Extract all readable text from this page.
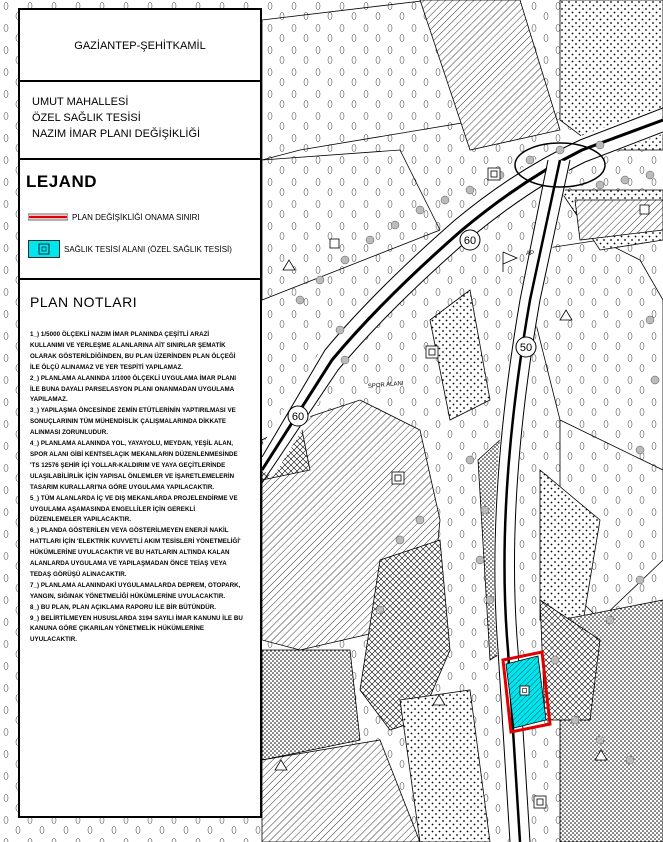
60
60
50
SPOR ALANI
AP
GAZİANTEP-ŞEHİTKAMİL
UMUT MAHALLESİ
ÖZEL SAĞLIK TESİSİ
NAZIM İMAR PLANI DEĞİŞİKLİĞİ
LEJAND
PLAN DEĞİŞİKLİĞİ ONAMA SINIRI
SAĞLIK TESİSİ ALANI (ÖZEL SAĞLIK TESİSİ)
PLAN NOTLARI

1_) 1/5000 ÖLÇEKLİ NAZIM İMAR PLANINDA ÇEŞİTLİ ARAZİ KULLANIMI VE YERLEŞME ALANLARINA AİT SINIRLAR ŞEMATİK OLARAK GÖSTERİLDİĞİNDEN, BU PLAN ÜZERİNDEN PLAN ÖLÇEĞİ İLE ÖLÇÜ ALINAMAZ VE YER TESPİTİ YAPILAMAZ.

2_) PLANLAMA ALANINDA 1/1000 ÖLÇEKLİ UYGULAMA İMAR PLANI İLE BUNA DAYALI PARSELASYON PLANI ONANMADAN UYGULAMA YAPILAMAZ.

3_) YAPILAŞMA ÖNCESİNDE ZEMİN ETÜTLERİNİN YAPTIRILMASI VE SONUÇLARININ TÜM MÜHENDİSLİK ÇALIŞMALARINDA DİKKATE ALINMASI ZORUNLUDUR.

4_) PLANLAMA ALANINDA YOL, YAYAYOLU, MEYDAN, YEŞİL ALAN, SPOR ALANI GİBİ KENTSELAÇIK MEKANLARIN DÜZENLENMESİNDE 'TS 12576 ŞEHİR İÇİ YOLLAR-KALDIRIM VE YAYA GEÇİTLERİNDE ULAŞILABİLİRLİK İÇİN YAPISAL ÖNLEMLER VE İŞARETLEMELERİN TASARIM KURALLARI'NA GÖRE UYGULAMA YAPILACAKTIR.

5_) TÜM ALANLARDA İÇ VE DIŞ MEKANLARDA PROJELENDİRME VE UYGULAMA AŞAMASINDA ENGELLİLER İÇİN GEREKLİ DÜZENLEMELER YAPILACAKTIR.

6_) PLANDA GÖSTERİLEN VEYA GÖSTERİLMEYEN ENERJİ NAKİL HATTLARI İÇİN 'ELEKTRİK KUVVETLİ AKIM TESİSLERİ YÖNETMELİĞİ' HÜKÜMLERİNE UYULACAKTIR VE BU HATLARIN ALTINDA KALAN ALANLARDA UYGULAMA VE YAPILAŞMADAN ÖNCE TEİAŞ VEYA TEDAŞ GÖRÜŞÜ ALINACAKTIR.

7_) PLANLAMA ALANINDAKİ UYGULAMALARDA DEPREM, OTOPARK, YANGIN, SIĞINAK YÖNETMELİĞİ HÜKÜMLERİNE UYULACAKTIR.

8_) BU PLAN, PLAN AÇIKLAMA RAPORU İLE BİR BÜTÜNDÜR.

9_) BELİRTİLMEYEN HUSUSLARDA 3194 SAYILI İMAR KANUNU İLE BU KANUNA GÖRE ÇIKARILAN YÖNETMELİK HÜKÜMLERİNE UYULACAKTIR.
